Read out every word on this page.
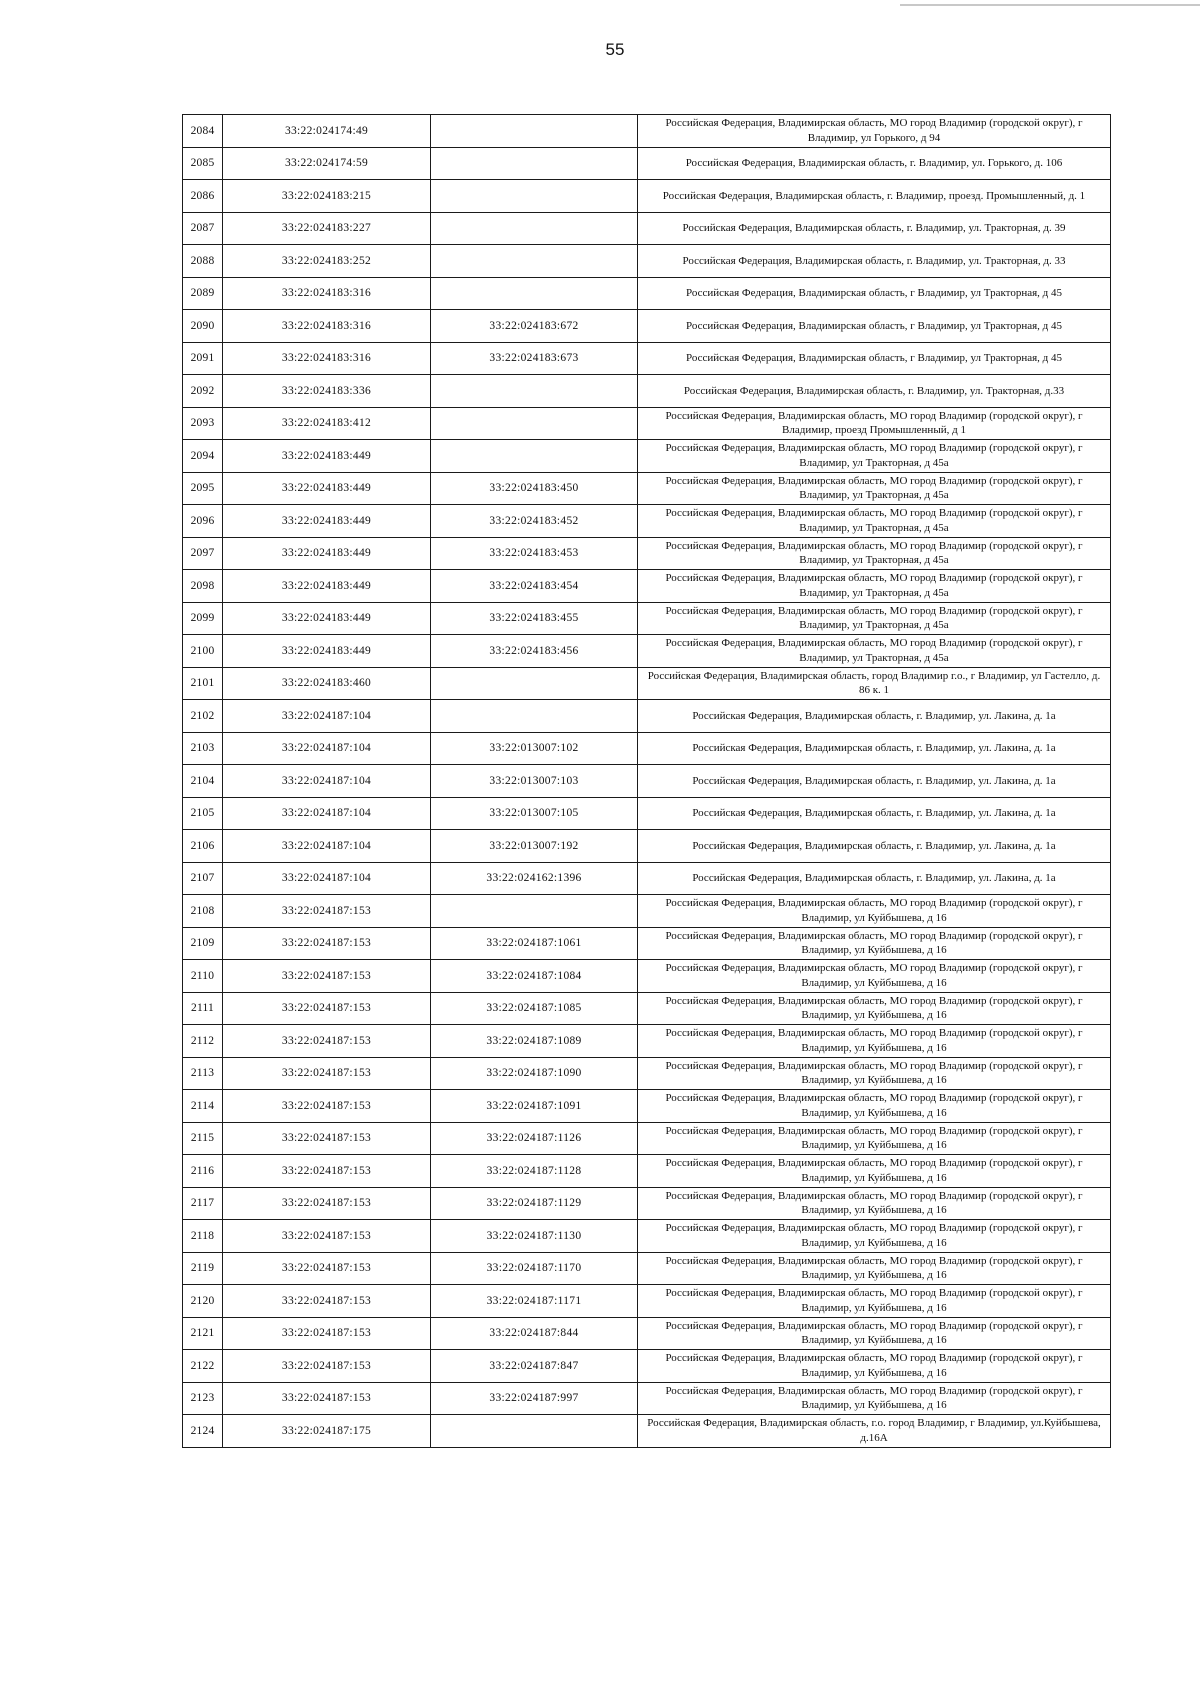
55
2084	33:22:024174:49		Российская Федерация, Владимирская область, МО город Владимир (городской округ), г Владимир, ул Горького, д 94
2085	33:22:024174:59		Российская Федерация, Владимирская область, г. Владимир, ул. Горького, д. 106
2086	33:22:024183:215		Российская Федерация, Владимирская область, г. Владимир, проезд. Промышленный, д. 1
2087	33:22:024183:227		Российская Федерация, Владимирская область, г. Владимир, ул. Тракторная, д. 39
2088	33:22:024183:252		Российская Федерация, Владимирская область, г. Владимир, ул. Тракторная, д. 33
2089	33:22:024183:316		Российская Федерация, Владимирская область, г Владимир, ул Тракторная, д 45
2090	33:22:024183:316	33:22:024183:672	Российская Федерация, Владимирская область, г Владимир, ул Тракторная, д 45
2091	33:22:024183:316	33:22:024183:673	Российская Федерация, Владимирская область, г Владимир, ул Тракторная, д 45
2092	33:22:024183:336		Российская Федерация, Владимирская область, г. Владимир, ул. Тракторная, д.33
2093	33:22:024183:412		Российская Федерация, Владимирская область, МО город Владимир (городской округ), г Владимир, проезд Промышленный, д 1
2094	33:22:024183:449		Российская Федерация, Владимирская область, МО город Владимир (городской округ), г Владимир, ул Тракторная, д 45а
2095	33:22:024183:449	33:22:024183:450	Российская Федерация, Владимирская область, МО город Владимир (городской округ), г Владимир, ул Тракторная, д 45а
2096	33:22:024183:449	33:22:024183:452	Российская Федерация, Владимирская область, МО город Владимир (городской округ), г Владимир, ул Тракторная, д 45а
2097	33:22:024183:449	33:22:024183:453	Российская Федерация, Владимирская область, МО город Владимир (городской округ), г Владимир, ул Тракторная, д 45а
2098	33:22:024183:449	33:22:024183:454	Российская Федерация, Владимирская область, МО город Владимир (городской округ), г Владимир, ул Тракторная, д 45а
2099	33:22:024183:449	33:22:024183:455	Российская Федерация, Владимирская область, МО город Владимир (городской округ), г Владимир, ул Тракторная, д 45а
2100	33:22:024183:449	33:22:024183:456	Российская Федерация, Владимирская область, МО город Владимир (городской округ), г Владимир, ул Тракторная, д 45а
2101	33:22:024183:460		Российская Федерация, Владимирская область, город Владимир г.о., г Владимир, ул Гастелло, д. 86 к. 1
2102	33:22:024187:104		Российская Федерация, Владимирская область, г. Владимир, ул. Лакина, д. 1а
2103	33:22:024187:104	33:22:013007:102	Российская Федерация, Владимирская область, г. Владимир, ул. Лакина, д. 1а
2104	33:22:024187:104	33:22:013007:103	Российская Федерация, Владимирская область, г. Владимир, ул. Лакина, д. 1а
2105	33:22:024187:104	33:22:013007:105	Российская Федерация, Владимирская область, г. Владимир, ул. Лакина, д. 1а
2106	33:22:024187:104	33:22:013007:192	Российская Федерация, Владимирская область, г. Владимир, ул. Лакина, д. 1а
2107	33:22:024187:104	33:22:024162:1396	Российская Федерация, Владимирская область, г. Владимир, ул. Лакина, д. 1а
2108	33:22:024187:153		Российская Федерация, Владимирская область, МО город Владимир (городской округ), г Владимир, ул Куйбышева, д 16
2109	33:22:024187:153	33:22:024187:1061	Российская Федерация, Владимирская область, МО город Владимир (городской округ), г Владимир, ул Куйбышева, д 16
2110	33:22:024187:153	33:22:024187:1084	Российская Федерация, Владимирская область, МО город Владимир (городской округ), г Владимир, ул Куйбышева, д 16
2111	33:22:024187:153	33:22:024187:1085	Российская Федерация, Владимирская область, МО город Владимир (городской округ), г Владимир, ул Куйбышева, д 16
2112	33:22:024187:153	33:22:024187:1089	Российская Федерация, Владимирская область, МО город Владимир (городской округ), г Владимир, ул Куйбышева, д 16
2113	33:22:024187:153	33:22:024187:1090	Российская Федерация, Владимирская область, МО город Владимир (городской округ), г Владимир, ул Куйбышева, д 16
2114	33:22:024187:153	33:22:024187:1091	Российская Федерация, Владимирская область, МО город Владимир (городской округ), г Владимир, ул Куйбышева, д 16
2115	33:22:024187:153	33:22:024187:1126	Российская Федерация, Владимирская область, МО город Владимир (городской округ), г Владимир, ул Куйбышева, д 16
2116	33:22:024187:153	33:22:024187:1128	Российская Федерация, Владимирская область, МО город Владимир (городской округ), г Владимир, ул Куйбышева, д 16
2117	33:22:024187:153	33:22:024187:1129	Российская Федерация, Владимирская область, МО город Владимир (городской округ), г Владимир, ул Куйбышева, д 16
2118	33:22:024187:153	33:22:024187:1130	Российская Федерация, Владимирская область, МО город Владимир (городской округ), г Владимир, ул Куйбышева, д 16
2119	33:22:024187:153	33:22:024187:1170	Российская Федерация, Владимирская область, МО город Владимир (городской округ), г Владимир, ул Куйбышева, д 16
2120	33:22:024187:153	33:22:024187:1171	Российская Федерация, Владимирская область, МО город Владимир (городской округ), г Владимир, ул Куйбышева, д 16
2121	33:22:024187:153	33:22:024187:844	Российская Федерация, Владимирская область, МО город Владимир (городской округ), г Владимир, ул Куйбышева, д 16
2122	33:22:024187:153	33:22:024187:847	Российская Федерация, Владимирская область, МО город Владимир (городской округ), г Владимир, ул Куйбышева, д 16
2123	33:22:024187:153	33:22:024187:997	Российская Федерация, Владимирская область, МО город Владимир (городской округ), г Владимир, ул Куйбышева, д 16
2124	33:22:024187:175		Российская Федерация, Владимирская область, г.о. город Владимир, г Владимир, ул.Куйбышева, д.16А
